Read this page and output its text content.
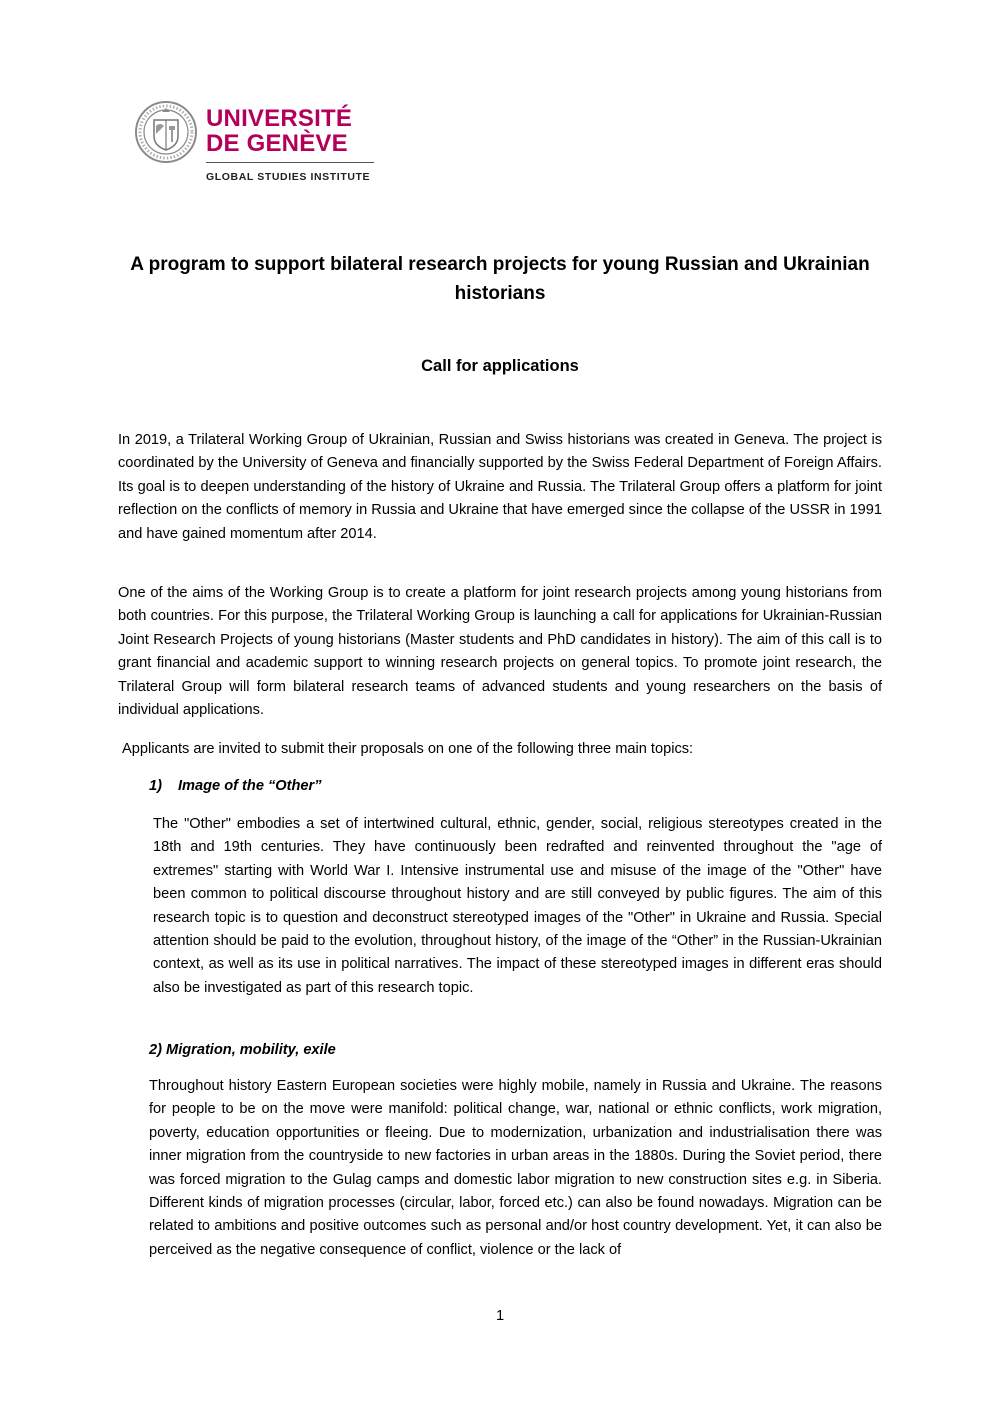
UNIVERSITÉ
DE GENÈVE
GLOBAL STUDIES INSTITUTE
A program to support bilateral research projects for young Russian and Ukrainian historians
Call for applications

In 2019, a Trilateral Working Group of Ukrainian, Russian and Swiss historians was created in Geneva. The project is coordinated by the University of Geneva and financially supported by the Swiss Federal Department of Foreign Affairs. Its goal is to deepen understanding of the history of Ukraine and Russia. The Trilateral Group offers a platform for joint reflection on the conflicts of memory in Russia and Ukraine that have emerged since the collapse of the USSR in 1991 and have gained momentum after 2014.

One of the aims of the Working Group is to create a platform for joint research projects among young historians from both countries. For this purpose, the Trilateral Working Group is launching a call for applications for Ukrainian-Russian Joint Research Projects of young historians (Master students and PhD candidates in history). The aim of this call is to grant financial and academic support to winning research projects on general topics. To promote joint research, the Trilateral Group will form bilateral research teams of advanced students and young researchers on the basis of individual applications.

Applicants are invited to submit their proposals on one of the following three main topics:

1) Image of the “Other”

The "Other" embodies a set of intertwined cultural, ethnic, gender, social, religious stereotypes created in the 18th and 19th centuries. They have continuously been redrafted and reinvented throughout the "age of extremes" starting with World War I. Intensive instrumental use and misuse of the image of the "Other" have been common to political discourse throughout history and are still conveyed by public figures. The aim of this research topic is to question and deconstruct stereotyped images of the "Other" in Ukraine and Russia. Special attention should be paid to the evolution, throughout history, of the image of the “Other” in the Russian-Ukrainian context, as well as its use in political narratives. The impact of these stereotyped images in different eras should also be investigated as part of this research topic.

2) Migration, mobility, exile

Throughout history Eastern European societies were highly mobile, namely in Russia and Ukraine. The reasons for people to be on the move were manifold: political change, war, national or ethnic conflicts, work migration, poverty, education opportunities or fleeing. Due to modernization, urbanization and industrialisation there was inner migration from the countryside to new factories in urban areas in the 1880s. During the Soviet period, there was forced migration to the Gulag camps and domestic labor migration to new construction sites e.g. in Siberia. Different kinds of migration processes (circular, labor, forced etc.) can also be found nowadays. Migration can be related to ambitions and positive outcomes such as personal and/or host country development. Yet, it can also be perceived as the negative consequence of conflict, violence or the lack of

1
